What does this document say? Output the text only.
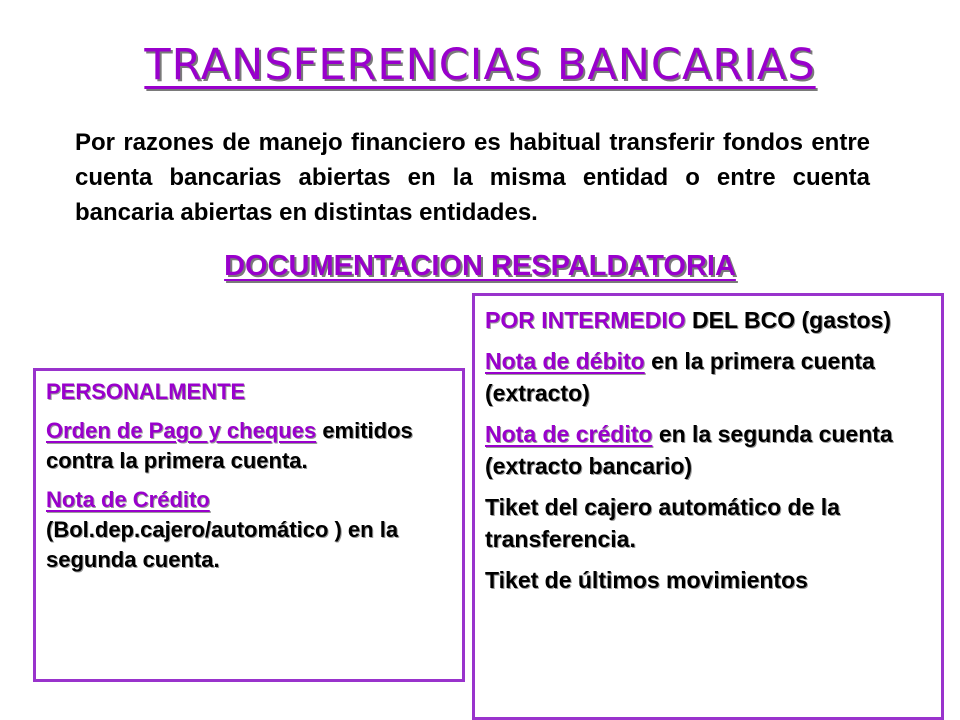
TRANSFERENCIAS BANCARIAS
Por razones de manejo financiero es habitual transferir fondos entre cuenta bancarias abiertas en la misma entidad o entre cuenta bancaria abiertas en distintas entidades.
DOCUMENTACION RESPALDATORIA

POR INTERMEDIO DEL BCO (gastos)

Nota de débito en la primera cuenta (extracto)

Nota de crédito en la segunda cuenta (extracto bancario)

Tiket del cajero automático de la transferencia.

Tiket de últimos movimientos

PERSONALMENTE

Orden de Pago y cheques emitidos contra la primera cuenta.

Nota de Crédito (Bol.dep.cajero/automático ) en la segunda cuenta.
